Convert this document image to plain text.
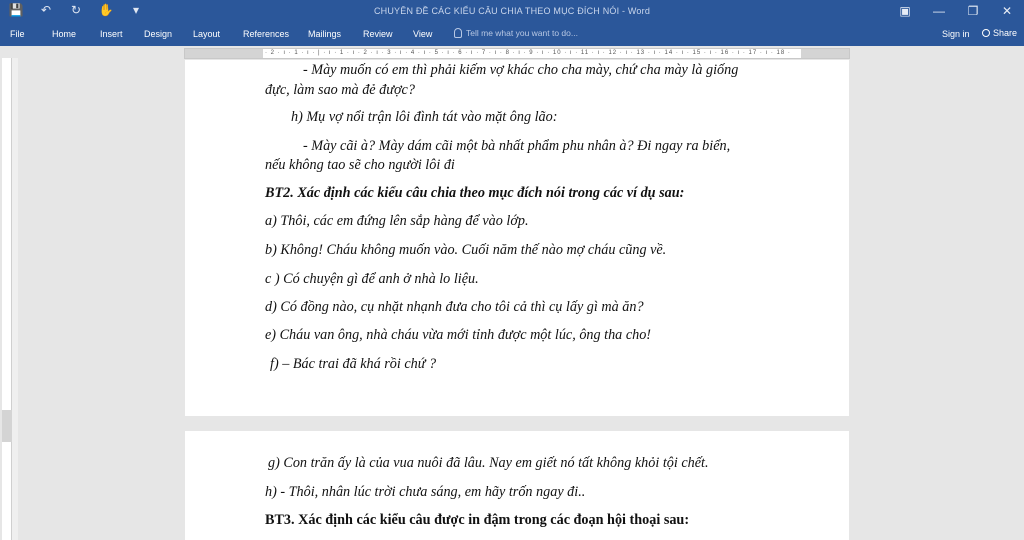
💾 ↶ ↻ ✋	▾	CHUYÊN ĐỀ CÁC KIỂU CÂU CHIA THEO MỤC ĐÍCH NÓI - Word	▣	—	❐	✕
File	Home	Insert Design Layout	References Mailings Review View	Tell me what you want to do...	Sign in	Share
· 2 · ı · 1 · ı · | · ı · 1 · ı · 2 · ı · 3 · ı · 4 · ı · 5 · ı · 6 · ı · 7 · ı · 8 · ı · 9 · ı · 10 · ı · 11 · ı · 12 · ı · 13 · ı · 14 · ı · 15 · ı · 16 · ı · 17 · ı · 18 ·
- Mày muốn có em thì phải kiếm vợ khác cho cha mày, chứ cha mày là giống
đực, làm sao mà đẻ được?
h) Mụ vợ nổi trận lôi đình tát vào mặt ông lão:
- Mày cãi à? Mày dám cãi một bà nhất phẩm phu nhân à? Đi ngay ra biển,
nếu không tao sẽ cho người lôi đi
BT2. Xác định các kiểu câu chia theo mục đích nói trong các ví dụ sau:
a) Thôi, các em đứng lên sắp hàng để vào lớp.
b) Không! Cháu không muốn vào. Cuối năm thế nào mợ cháu cũng về.
c ) Có chuyện gì để anh ở nhà lo liệu.
d) Có đồng nào, cụ nhặt nhạnh đưa cho tôi cả thì cụ lấy gì mà ăn?
e) Cháu van ông, nhà cháu vừa mới tỉnh được một lúc, ông tha cho!
f) – Bác trai đã khá rồi chứ ?
g) Con trăn ấy là của vua nuôi đã lâu. Nay em giết nó tất không khỏi tội chết.
h) - Thôi, nhân lúc trời chưa sáng, em hãy trốn ngay đi..
BT3. Xác định các kiểu câu được in đậm trong các đoạn hội thoại sau:
